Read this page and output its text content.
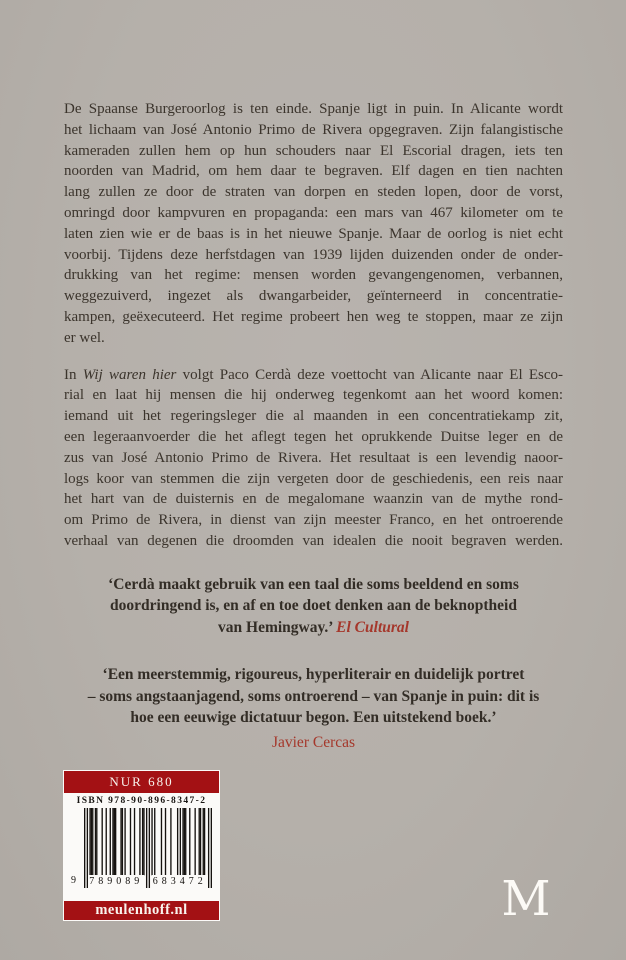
De Spaanse Burgeroorlog is ten einde. Spanje ligt in puin. In Alicante wordt
het lichaam van José Antonio Primo de Rivera opgegraven. Zijn falangistische
kameraden zullen hem op hun schouders naar El Escorial dragen, iets ten
noorden van Madrid, om hem daar te begraven. Elf dagen en tien nachten
lang zullen ze door de straten van dorpen en steden lopen, door de vorst,
omringd door kampvuren en propaganda: een mars van 467 kilometer om te
laten zien wie er de baas is in het nieuwe Spanje. Maar de oorlog is niet echt
voorbij. Tijdens deze herfstdagen van 1939 lijden duizenden onder de onder-
drukking van het regime: mensen worden gevangengenomen, verbannen,
weggezuiverd, ingezet als dwangarbeider, geïnterneerd in concentratie-
kampen, geëxecuteerd. Het regime probeert hen weg te stoppen, maar ze zijn
er wel.
In Wij waren hier volgt Paco Cerdà deze voettocht van Alicante naar El Esco-
rial en laat hij mensen die hij onderweg tegenkomt aan het woord komen:
iemand uit het regeringsleger die al maanden in een concentratiekamp zit,
een legeraanvoerder die het aflegt tegen het oprukkende Duitse leger en de
zus van José Antonio Primo de Rivera. Het resultaat is een levendig naoor-
logs koor van stemmen die zijn vergeten door de geschiedenis, een reis naar
het hart van de duisternis en de megalomane waanzin van de mythe rond-
om Primo de Rivera, in dienst van zijn meester Franco, en het ontroerende
verhaal van degenen die droomden van idealen die nooit begraven werden.
‘Cerdà maakt gebruik van een taal die soms beeldend en soms
doordringend is, en af en toe doet denken aan de beknoptheid
van Hemingway.’ El Cultural
‘Een meerstemmig, rigoureus, hyperliterair en duidelijk portret
– soms angstaanjagend, soms ontroerend – van Spanje in puin: dit is
hoe een eeuwige dictatuur begon. Een uitstekend boek.’
Javier Cercas
NUR 680
ISBN 978-90-896-8347-2
9	789089 683472
meulenhoff.nl	M
